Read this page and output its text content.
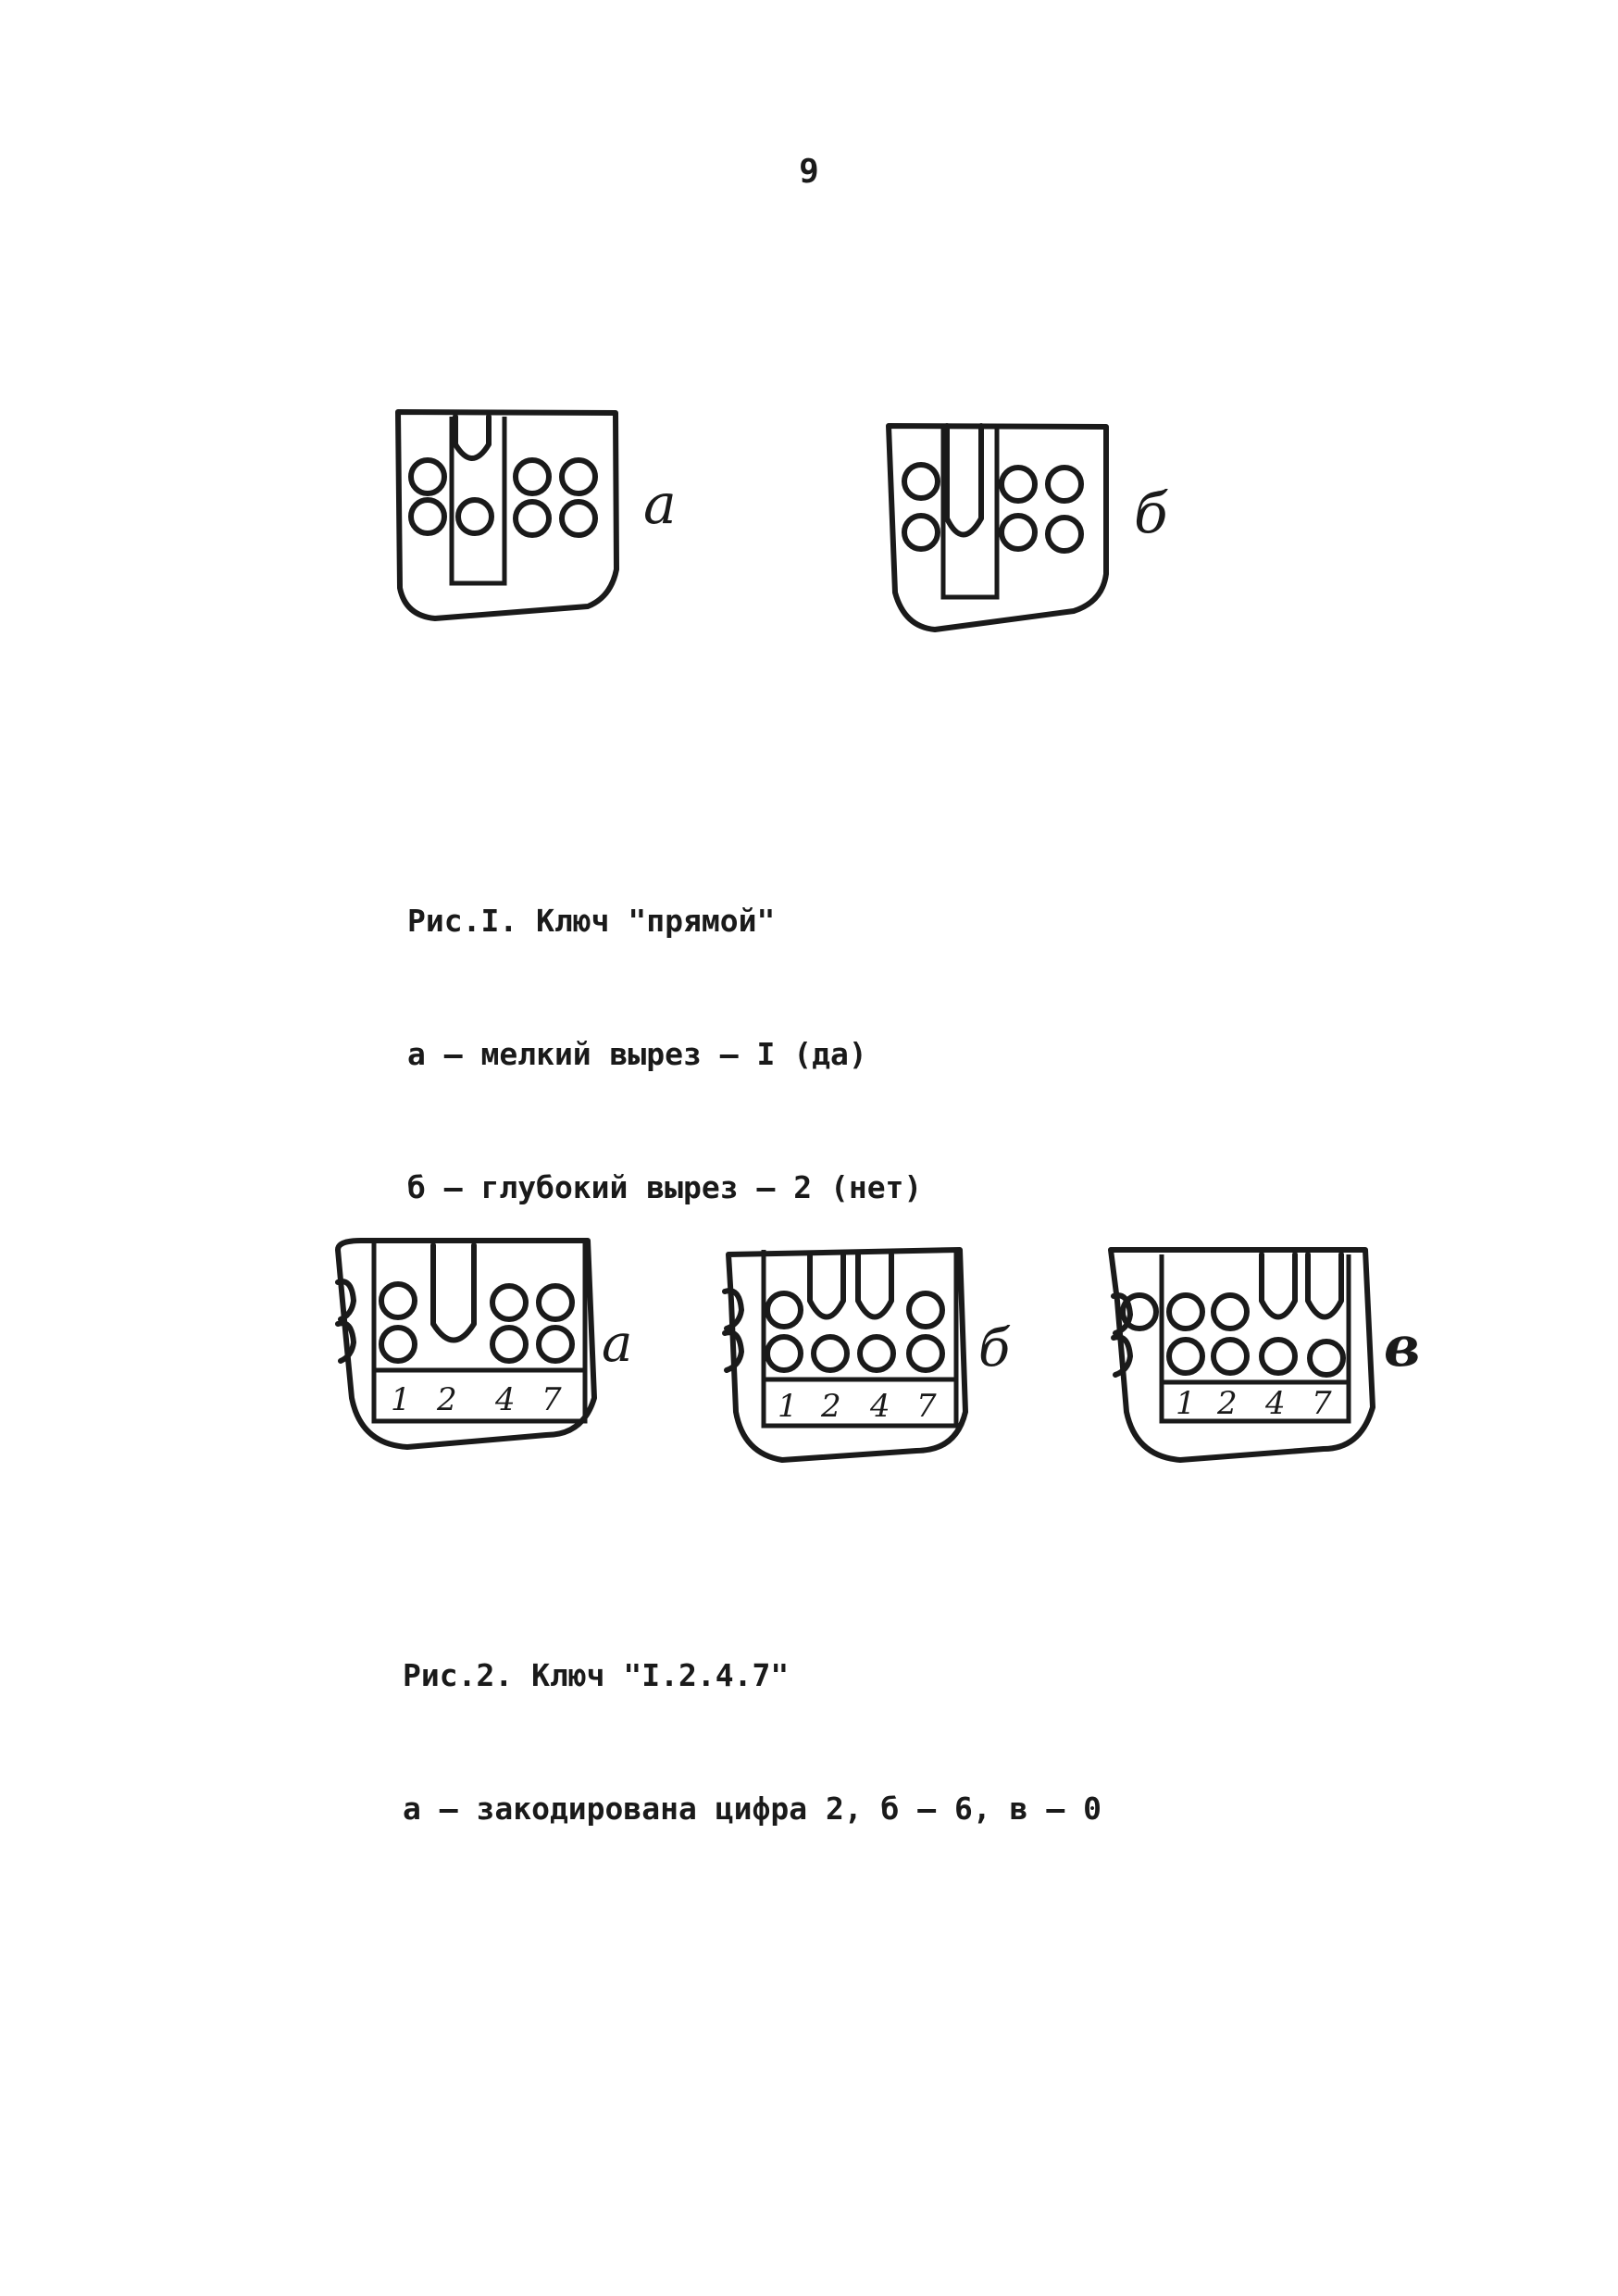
9
а	б

Рис.I. Ключ "прямой"

а – мелкий вырез – I (да)

б – глубокий вырез – 2 (нет)

1 2 4 7
а
1 2 4 7
б
1 2 4 7
в

Рис.2. Ключ "I.2.4.7"

а – закодирована цифра 2, б – 6, в – 0
